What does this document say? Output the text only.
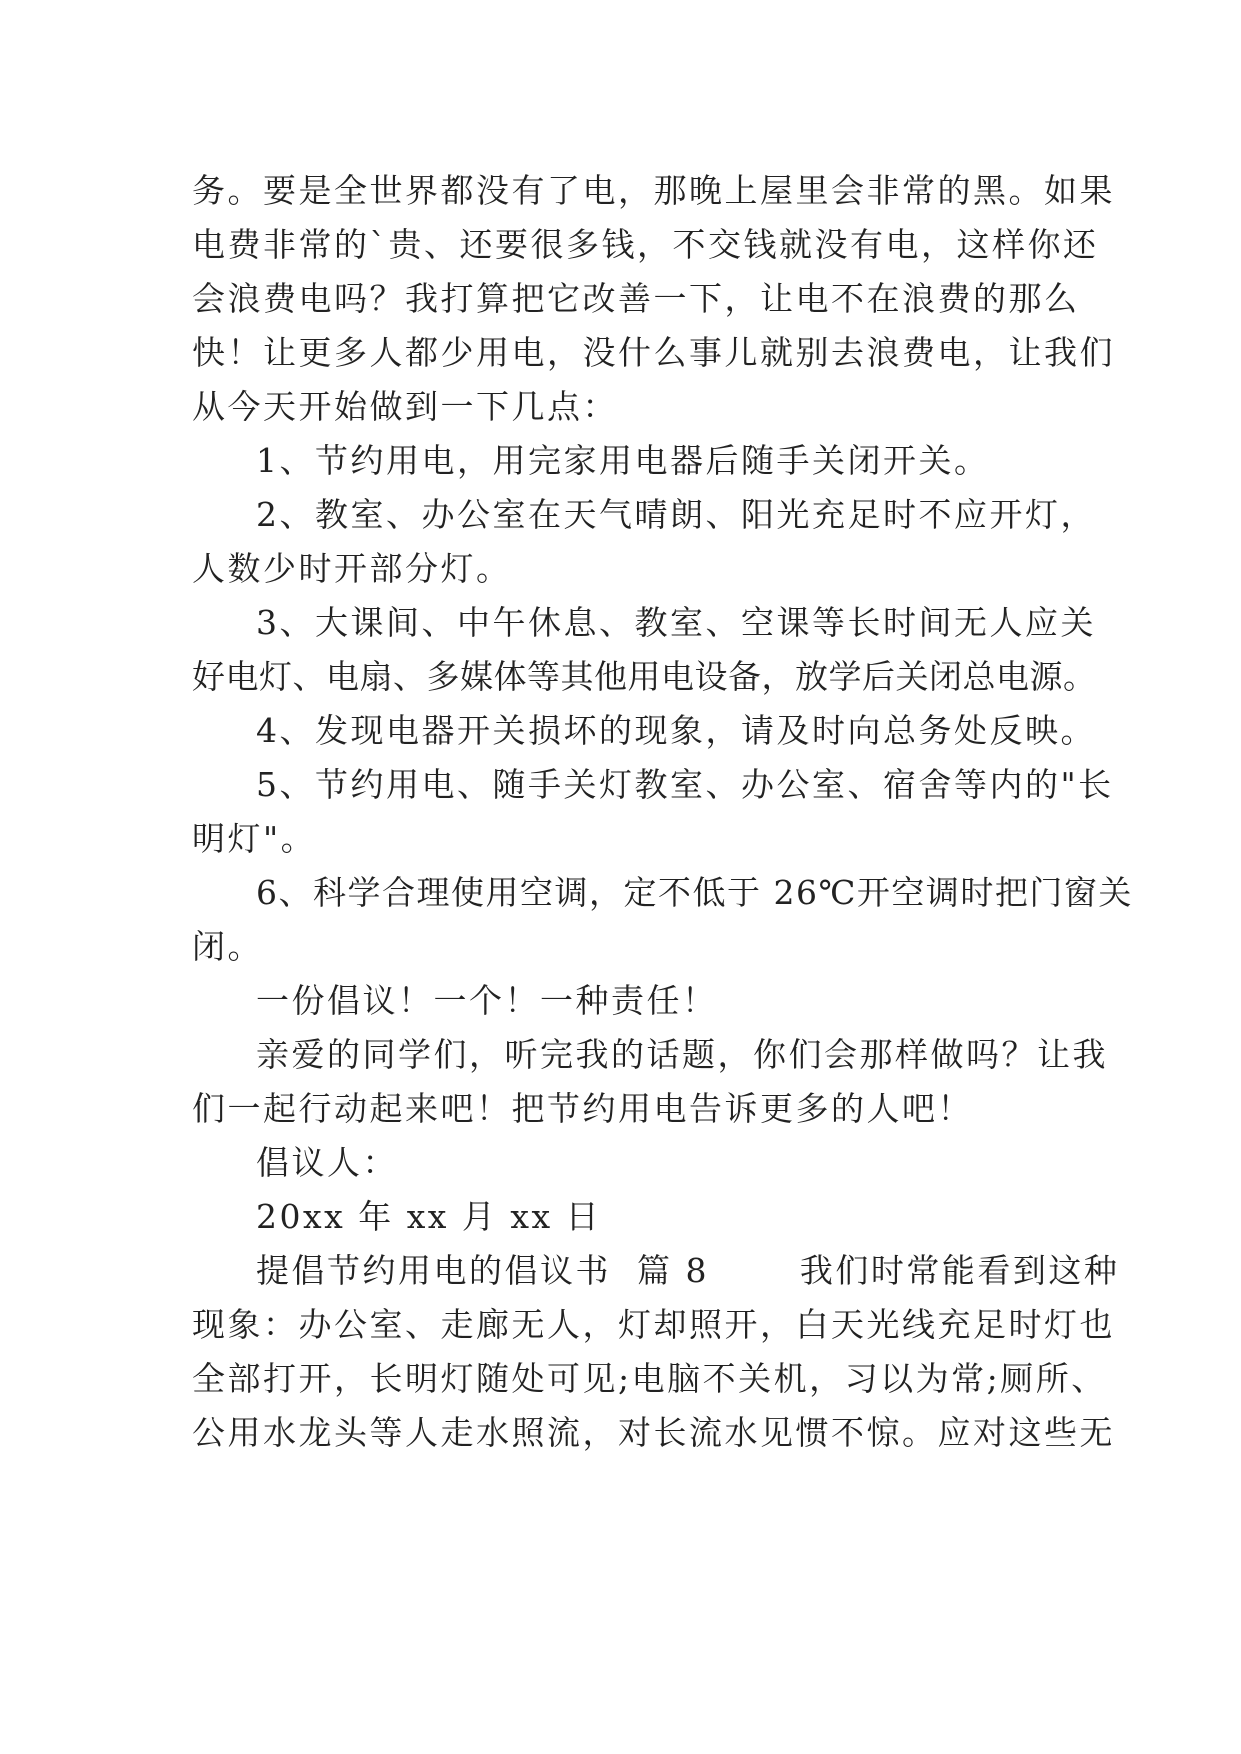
务。要是全世界都没有了电，那晚上屋里会非常的黑。如果

电费非常的`贵、还要很多钱，不交钱就没有电，这样你还

会浪费电吗？我打算把它改善一下，让电不在浪费的那么

快！让更多人都少用电，没什么事儿就别去浪费电，让我们

从今天开始做到一下几点：

1、节约用电，用完家用电器后随手关闭开关。

2、教室、办公室在天气晴朗、阳光充足时不应开灯，

人数少时开部分灯。

3、大课间、中午休息、教室、空课等长时间无人应关

好电灯、电扇、多媒体等其他用电设备，放学后关闭总电源。

4、发现电器开关损坏的现象，请及时向总务处反映。

5、节约用电、随手关灯教室、办公室、宿舍等内的"长

明灯"。

6、科学合理使用空调，定不低于 26℃开空调时把门窗关

闭。

一份倡议！一个！一种责任！

亲爱的同学们，听完我的话题，你们会那样做吗？让我

们一起行动起来吧！把节约用电告诉更多的人吧！

倡议人：

20xx 年 xx 月 xx 日

提倡节约用电的倡议书  篇 8       我们时常能看到这种

现象：办公室、走廊无人，灯却照开，白天光线充足时灯也

全部打开，长明灯随处可见;电脑不关机，习以为常;厕所、

公用水龙头等人走水照流，对长流水见惯不惊。应对这些无
